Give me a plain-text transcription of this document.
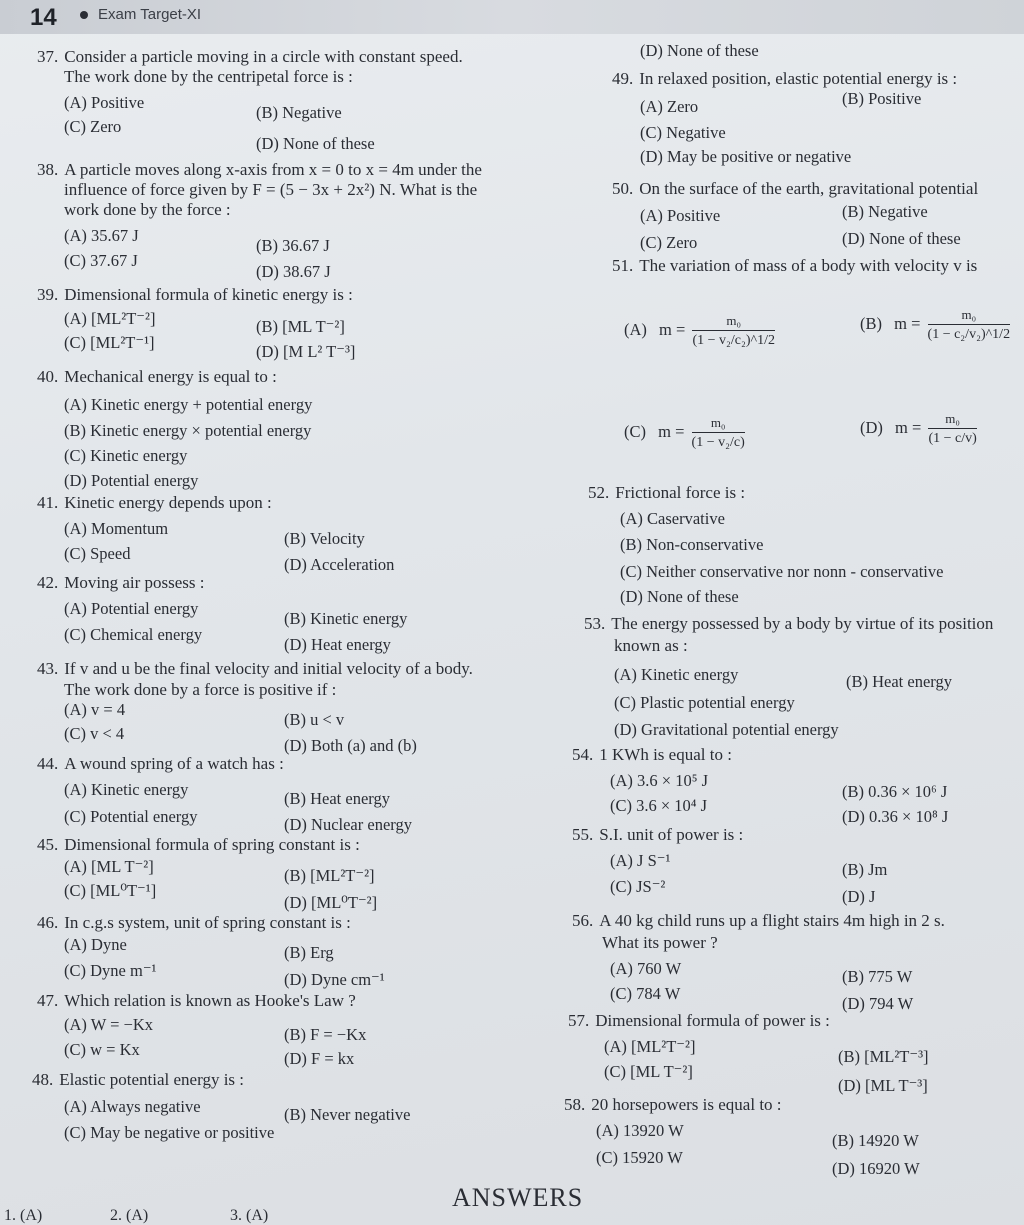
14	Exam Target-XI
37. Consider a particle moving in a circle with constant speed.
The work done by the centripetal force is :
(A) Positive
(B) Negative
(C) Zero
(D) None of these
38. A particle moves along x-axis from x = 0 to x = 4m under the
influence of force given by F = (5 − 3x + 2x²) N. What is the
work done by the force :
(A) 35.67 J
(B) 36.67 J
(C) 37.67 J
(D) 38.67 J
39. Dimensional formula of kinetic energy is :
(A) [ML²T⁻²]	(B) [ML T⁻²]
(C) [ML²T⁻¹]	(D) [M L² T⁻³]
40. Mechanical energy is equal to :
(A) Kinetic energy + potential energy
(B) Kinetic energy × potential energy
(C) Kinetic energy
(D) Potential energy
41. Kinetic energy depends upon :
(A) Momentum
(B) Velocity
(C) Speed
(D) Acceleration
42. Moving air possess :
(A) Potential energy
(B) Kinetic energy
(C) Chemical energy
(D) Heat energy
43. If v and u be the final velocity and initial velocity of a body.
The work done by a force is positive if :
(A) v = 4
(B) u < v
(C) v < 4
(D) Both (a) and (b)
44. A wound spring of a watch has :
(A) Kinetic energy	(B) Heat energy
(C) Potential energy	(D) Nuclear energy
45. Dimensional formula of spring constant is :
(A) [ML T⁻²]	(B) [ML²T⁻²]
(C) [ML⁰T⁻¹]
(D) [ML⁰T⁻²]
46. In c.g.s system, unit of spring constant is :
(A) Dyne	(B) Erg
(C) Dyne m⁻¹	(D) Dyne cm⁻¹
47. Which relation is known as Hooke's Law ?
(A) W = −Kx
(B) F = −Kx
(C) w = Kx	(D) F = kx
48. Elastic potential energy is :
(A) Always negative	(B) Never negative
(C) May be negative or positive
(D) None of these
49. In relaxed position, elastic potential energy is :
(A) Zero	(B) Positive
(C) Negative
(D) May be positive or negative
50. On the surface of the earth, gravitational potential
(A) Positive	(B) Negative
(C) Zero	(D) None of these
51. The variation of mass of a body with velocity v is
(A) $m = \frac{\text{m₀}}{\text{(1 − v₂/c₂)\textasciicircum{}1/2}}$	(B) $m = \frac{\text{m₀}}{\text{(1 − c₂/v₂)\textasciicircum{}1/2}}$
(C) $m = \frac{\text{m₀}}{\text{(1 − v₂/c)}}$	(D) $m = \frac{\text{m₀}}{(1 - c/v)}$
52. Frictional force is :
(A) Caservative
(B) Non-conservative
(C) Neither conservative nor nonn - conservative
(D) None of these
53. The energy possessed by a body by virtue of its position
known as :
(A) Kinetic energy	(B) Heat energy
(C) Plastic potential energy
(D) Gravitational potential energy
54. 1 KWh is equal to :
(A) 3.6 × 10⁵ J
(B) 0.36 × 10⁶ J
(C) 3.6 × 10⁴ J
(D) 0.36 × 10⁸ J
55. S.I. unit of power is :
(A) J S⁻¹	(B) Jm
(C) JS⁻²
(D) J
56. A 40 kg child runs up a flight stairs 4m high in 2 s.
What its power ?
(A) 760 W	(B) 775 W
(C) 784 W
(D) 794 W
57. Dimensional formula of power is :
(A) [ML²T⁻²]
(B) [ML²T⁻³]
(C) [ML T⁻²]
(D) [ML T⁻³]
58. 20 horsepowers is equal to :
(A) 13920 W
(B) 14920 W
(C) 15920 W
(D) 16920 W
ANSWERS
1. (A)	2. (A)	3. (A)
